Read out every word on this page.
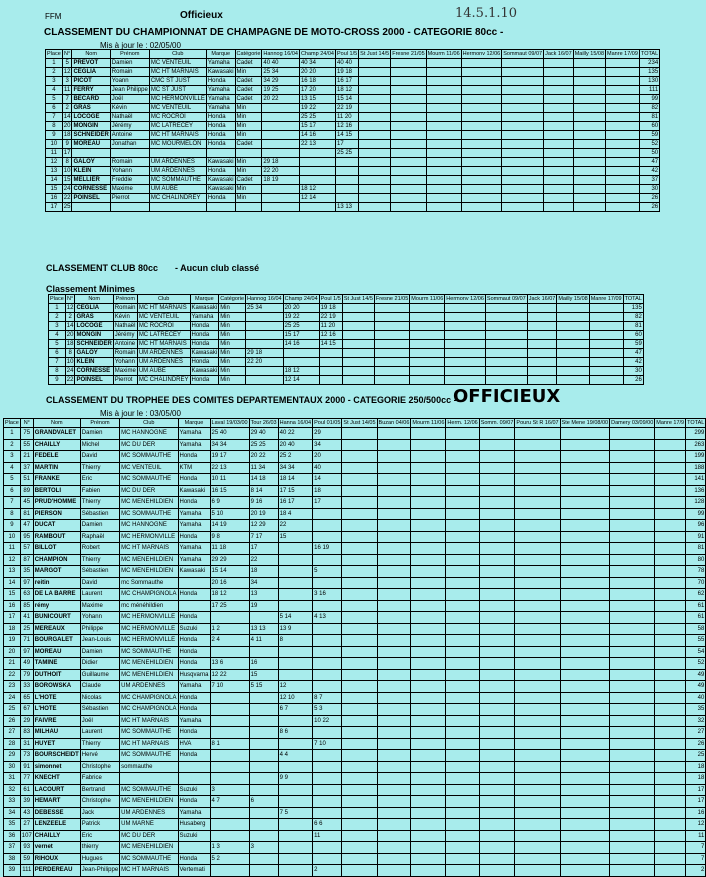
FFM	Officieux	14.5.1.10
CLASSEMENT DU CHAMPIONNAT DE CHAMPAGNE DE MOTO-CROSS 2000 - CATEGORIE 80cc -
Mis à jour le : 02/05/00
Place	N°	Nom	Prénom	Club	Marque	Catégorie	Hannog 16/04	Champ 24/04	Poul 1/5	St Just 14/5	Fresne 21/05	Mourm 11/06	Hermonv 12/06	Sommaut 09/07	Jack 16/07	Mailly 15/08	Manre 17/09	TOTAL
1	5	PREVOT	Damien	MC VENTEUIL	Yamaha	Cadet	40 40	40 34	40 40									234
2	12	CEGLIA	Romain	MC HT MARNAIS	Kawasaki	Min	25 34	20 20	19 18									135
3	3	PICOT	Yoann	CMC ST JUST	Honda	Cadet	34 29	16 18	16 17									130
4	11	FERRY	Jean Philippe	MC ST JUST	Yamaha	Cadet	19 25	17 20	18 12									111
5	7	BECARD	Joël	MC HERMONVILLE	Yamaha	Cadet	20 22	13 15	15 14									99
6	2	GRAS	Kévin	MC VENTEUIL	Yamaha	Min		19 22	22 19									82
7	14	LOCOGE	Nathaël	MC ROCROI	Honda	Min		25 25	11 20									81
8	20	MONGIN	Jérémy	MC LATRECEY	Honda	Min		15 17	12 16									60
9	18	SCHNEIDER	Antoine	MC HT MARNAIS	Honda	Min		14 16	14 15									59
10	9	MOREAU	Jonathan	MC MOURMELON	Honda	Cadet		22 13	17									52
11	17								25 25									50
12	8	GALOY	Romain	UM ARDENNES	Kawasaki	Min	29 18											47
13	10	KLEIN	Yohann	UM ARDENNES	Honda	Min	22 20											42
14	15	MELLIER	Freddie	MC SOMMAUTHE	Kawasaki	Cadet	18 19											37
15	24	CORNESSE	Maxime	UM AUBE	Kawasaki	Min		18 12										30
16	22	POINSEL	Pierrot	MC CHALINDREY	Honda	Min		12 14										26
17	25								13 13									26
CLASSEMENT CLUB 80cc - Aucun club classé
Classement Minimes
Place	N°	Nom	Prénom	Club	Marque	Catégorie	Hannog 16/04	Champ 24/04	Poul 1/5	St Just 14/5	Fresne 21/05	Mourm 11/06	Hermonv 12/06	Sommaut 09/07	Jack 16/07	Mailly 15/08	Manre 17/09	TOTAL
1	12	CEGLIA	Romain	MC HT MARNAIS	Kawasaki	Min	25 34	20 20	19 18									135
2	2	GRAS	Kévin	MC VENTEUIL	Yamaha	Min		19 22	22 19									82
3	14	LOCOGE	Nathaël	MC ROCROI	Honda	Min		25 25	11 20									81
4	20	MONGIN	Jérémy	MC LATRECEY	Honda	Min		15 17	12 16									60
5	18	SCHNEIDER	Antoine	MC HT MARNAIS	Honda	Min		14 16	14 15									59
6	8	GALOY	Romain	UM ARDENNES	Kawasaki	Min	29 18											47
7	10	KLEIN	Yohann	UM ARDENNES	Honda	Min	22 20											42
8	24	CORNESSE	Maxime	UM AUBE	Kawasaki	Min		18 12										30
9	22	POINSEL	Pierrot	MC CHALINDREY	Honda	Min		12 14										26
CLASSEMENT DU TROPHEE DES COMITES DEPARTEMENTAUX 2000 - CATEGORIE 250/500cc -
OFFICIEUX
Mis à jour le : 03/05/00
Place	N°	Nom	Prénom	Club	Marque	Laval 19/03/00	Tour 26/03	Hanna 16/04	Poul 01/05	St Just 14/05	Buzan 04/06	Mourm 11/06	Herm. 12/06	Somm. 09/07	Pouru St R 16/07	Ste Mene 19/08/00	Damery 03/09/00	Manre 17/9	TOTAL
1	75	GRANDVALET	Damien	MC HANNOGNE	Yamaha	25 40	29 40	40 22	29										299
2	55	CHAILLY	Michel	MC DU DER	Yamaha	34 34	25 25	20 40	34										263
3	21	FEDELE	David	MC SOMMAUTHE	Honda	19 17	20 22	25 2	20										199
4	37	MARTIN	Thierry	MC VENTEUIL	KTM	22 13	11 34	34 34	40										188
5	51	FRANKE	Eric	MC SOMMAUTHE	Honda	10 11	14 18	18 14	14										141
6	89	BERTOLI	Fabien	MC DU DER	Kawasaki	16 15	8 14	17 15	18										136
7	45	PRUD'HOMME	Thierry	MC MENEHILDIEN	Honda	6 9	9 16	16 17	17										128
8	81	PIERSON	Sébastien	MC SOMMAUTHE	Yamaha	5 10	20 19	18 4											99
9	47	DUCAT	Damien	MC HANNOGNE	Yamaha	14 19	12 29	22											96
10	95	RAMBOUT	Raphaël	MC HERMONVILLE	Honda	9 8	7 17	15											91
11	57	BILLOT	Robert	MC HT MARNAIS	Yamaha	11 18	17		16 19										81
12	87	CHAMPION	Thierry	MC MENEHILDIEN	Yamaha	29 29	22												80
13	35	MARGOT	Sébastien	MC MENEHILDIEN	Kawasaki	15 14	18		5										78
14	97	reitin	David	mc Sommauthe		20 16	34												70
15	63	DE LA BARRE	Laurent	MC CHAMPIGNOLA	Honda	18 12	13		3 16										62
16	85	rémy	Maxime	mc ménéhildien		17 25	19												61
17	41	BUNICOURT	Yohann	MC HERMONVILLE	Honda			5 14	4 13										61
18	25	MEREAUX	Philippe	MC HERMONVILLE	Suzuki	1 2	13 13	13 9											58
19	71	BOURGALET	Jean-Louis	MC HERMONVILLE	Honda	2 4	4 11	8											55
20	97	MOREAU	Damien	MC SOMMAUTHE	Honda														54
21	49	TAMINE	Didier	MC MENEHILDIEN	Honda	13 6	16												52
22	79	DUTHOIT	Guillaume	MC MENEHILDIEN	Husqvarna	12 22	15												49
23	33	BOROWSKA	Claude	UM ARDENNES	Yamaha	7 10	5 15	12											49
24	65	L'HOTE	Nicolas	MC CHAMPIGNOLA	Honda			12 10	8 7										40
25	67	L'HOTE	Sébastien	MC CHAMPIGNOLA	Honda			6 7	5 3										35
26	29	FAIVRE	Joël	MC HT MARNAIS	Yamaha				10 22										32
27	83	MILHAU	Laurent	MC SOMMAUTHE	Honda			8 6											27
28	31	HUYET	Thierry	MC HT MARNAIS	HVA	8 1			7 10										26
29	73	BOURSCHEIDT	Hervé	MC SOMMAUTHE	Honda			4 4											25
30	91	simonnet	Christophe	sommauthe															18
31	77	KNECHT	Fabrice					9 9											18
32	61	LACOURT	Bertrand	MC SOMMAUTHE	Suzuki	3													17
33	39	HEMART	Christophe	MC MENEHILDIEN	Honda	4 7	6												17
34	43	DEBESSE	Jack	UM ARDENNES	Yamaha			7 5											16
35	27	LENZEELE	Patrick	UM MARNE	Husaberg				6 6										12
36	107	CHAILLY	Eric	MC DU DER	Suzuki				11										11
37	93	vernet	thierry	MC MENEHILDIEN		1 3	3												7
38	59	RIHOUX	Hugues	MC SOMMAUTHE	Honda	5 2													7
39	111	PERDEREAU	Jean-Philippe	MC HT MARNAIS	Vertemati				2										2
